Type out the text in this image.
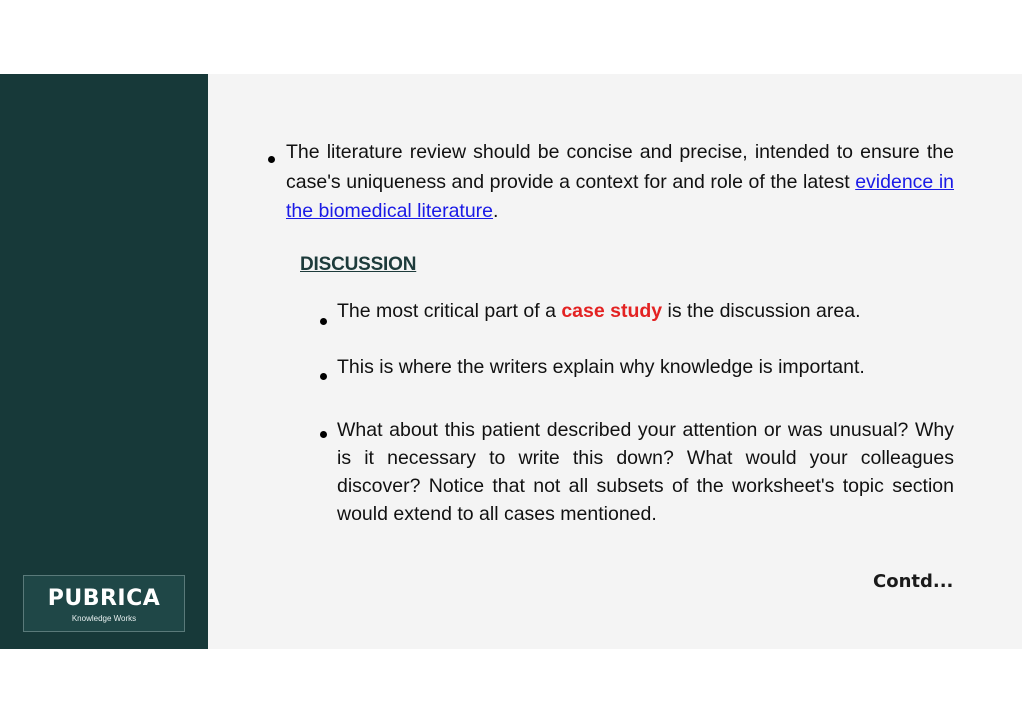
PUBRICA
Knowledge Works

The literature review should be concise and precise, intended to ensure the case's uniqueness and provide a context for and role of the latest evidence in the biomedical literature.

DISCUSSION

The most critical part of a case study is the discussion area.

This is where the writers explain why knowledge is important.

What about this patient described your attention or was unusual? Why is it necessary to write this down? What would your colleagues discover? Notice that not all subsets of the worksheet's topic section would extend to all cases mentioned.

Contd...
